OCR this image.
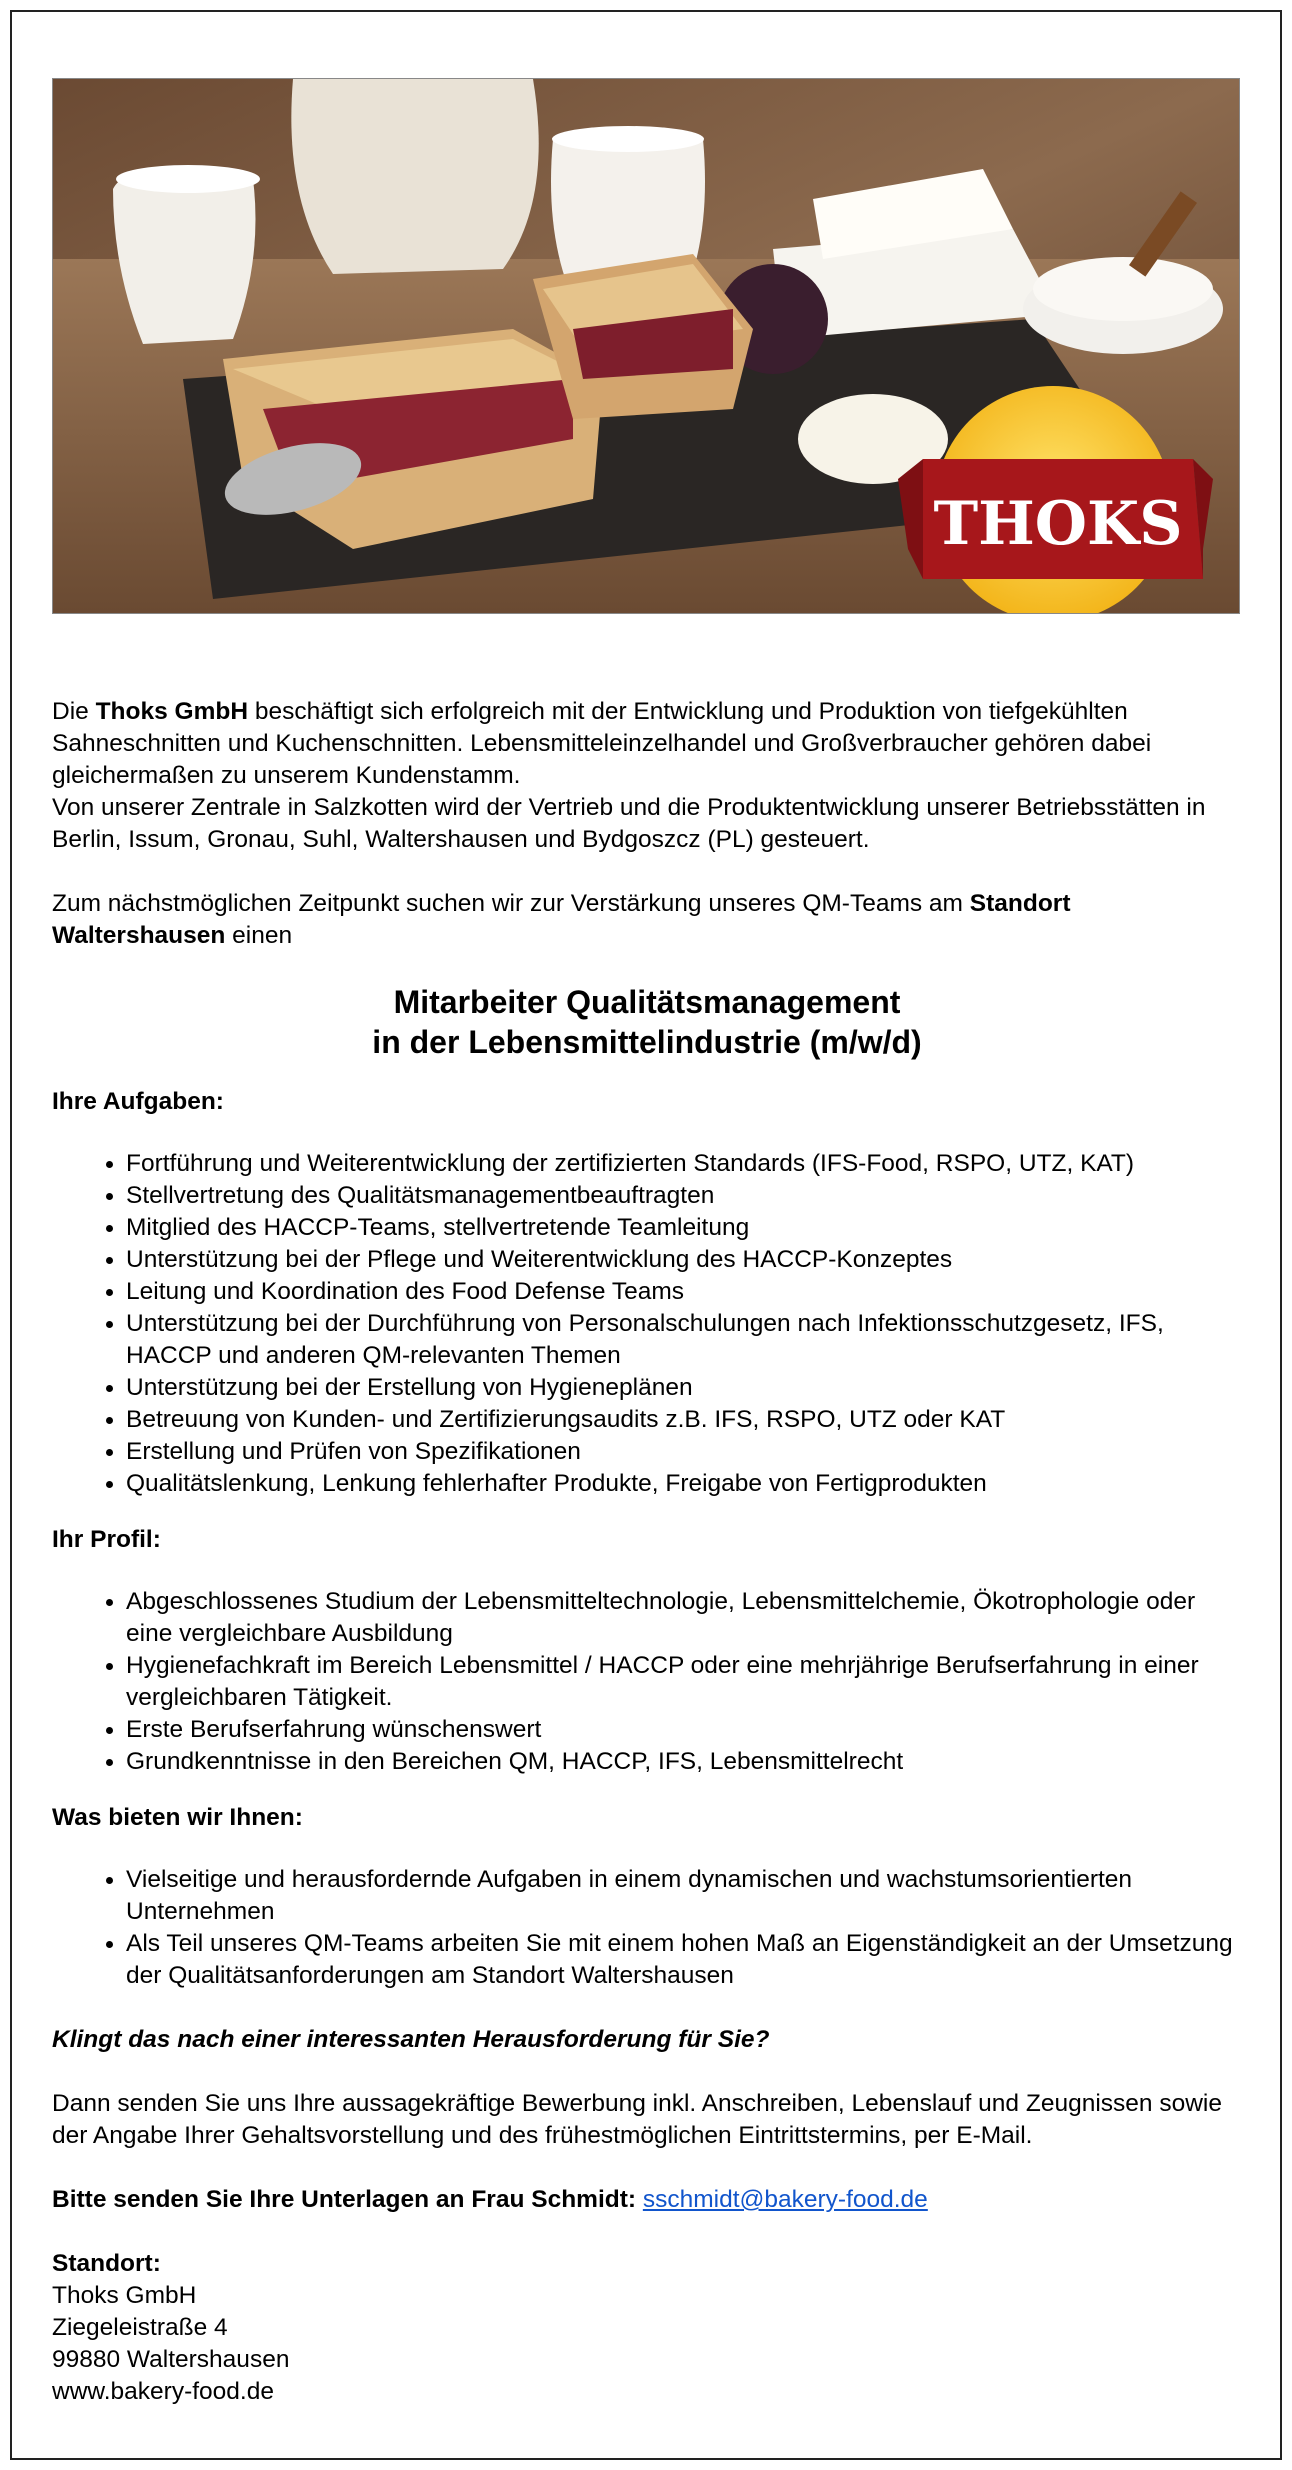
THOKS

Die Thoks GmbH beschäftigt sich erfolgreich mit der Entwicklung und Produktion von tiefgekühlten Sahneschnitten und Kuchenschnitten. Lebensmitteleinzelhandel und Großverbraucher gehören dabei gleichermaßen zu unserem Kundenstamm.

Von unserer Zentrale in Salzkotten wird der Vertrieb und die Produktentwicklung unserer Betriebsstätten in Berlin, Issum, Gronau, Suhl, Waltershausen und Bydgoszcz (PL) gesteuert.

Zum nächstmöglichen Zeitpunkt suchen wir zur Verstärkung unseres QM-Teams am Standort Waltershausen einen

Mitarbeiter Qualitätsmanagement
in der Lebensmittelindustrie (m/w/d)

Ihre Aufgaben:

• Fortführung und Weiterentwicklung der zertifizierten Standards (IFS-Food, RSPO, UTZ, KAT)
• Stellvertretung des Qualitätsmanagementbeauftragten
• Mitglied des HACCP-Teams, stellvertretende Teamleitung
• Unterstützung bei der Pflege und Weiterentwicklung des HACCP-Konzeptes
• Leitung und Koordination des Food Defense Teams
• Unterstützung bei der Durchführung von Personalschulungen nach Infektionsschutzgesetz, IFS, HACCP und anderen QM-relevanten Themen
• Unterstützung bei der Erstellung von Hygieneplänen
• Betreuung von Kunden- und Zertifizierungsaudits z.B. IFS, RSPO, UTZ oder KAT
• Erstellung und Prüfen von Spezifikationen
• Qualitätslenkung, Lenkung fehlerhafter Produkte, Freigabe von Fertigprodukten

Ihr Profil:

• Abgeschlossenes Studium der Lebensmitteltechnologie, Lebensmittelchemie, Ökotrophologie oder eine vergleichbare Ausbildung
• Hygienefachkraft im Bereich Lebensmittel / HACCP oder eine mehrjährige Berufserfahrung in einer vergleichbaren Tätigkeit.
• Erste Berufserfahrung wünschenswert
• Grundkenntnisse in den Bereichen QM, HACCP, IFS, Lebensmittelrecht

Was bieten wir Ihnen:

• Vielseitige und herausfordernde Aufgaben in einem dynamischen und wachstumsorientierten Unternehmen
• Als Teil unseres QM-Teams arbeiten Sie mit einem hohen Maß an Eigenständigkeit an der Umsetzung der Qualitätsanforderungen am Standort Waltershausen

Klingt das nach einer interessanten Herausforderung für Sie?

Dann senden Sie uns Ihre aussagekräftige Bewerbung inkl. Anschreiben, Lebenslauf und Zeugnissen sowie der Angabe Ihrer Gehaltsvorstellung und des frühestmöglichen Eintrittstermins, per E-Mail.

Bitte senden Sie Ihre Unterlagen an Frau Schmidt: sschmidt@bakery-food.de

Standort:

Thoks GmbH

Ziegeleistraße 4

99880 Waltershausen

www.bakery-food.de
